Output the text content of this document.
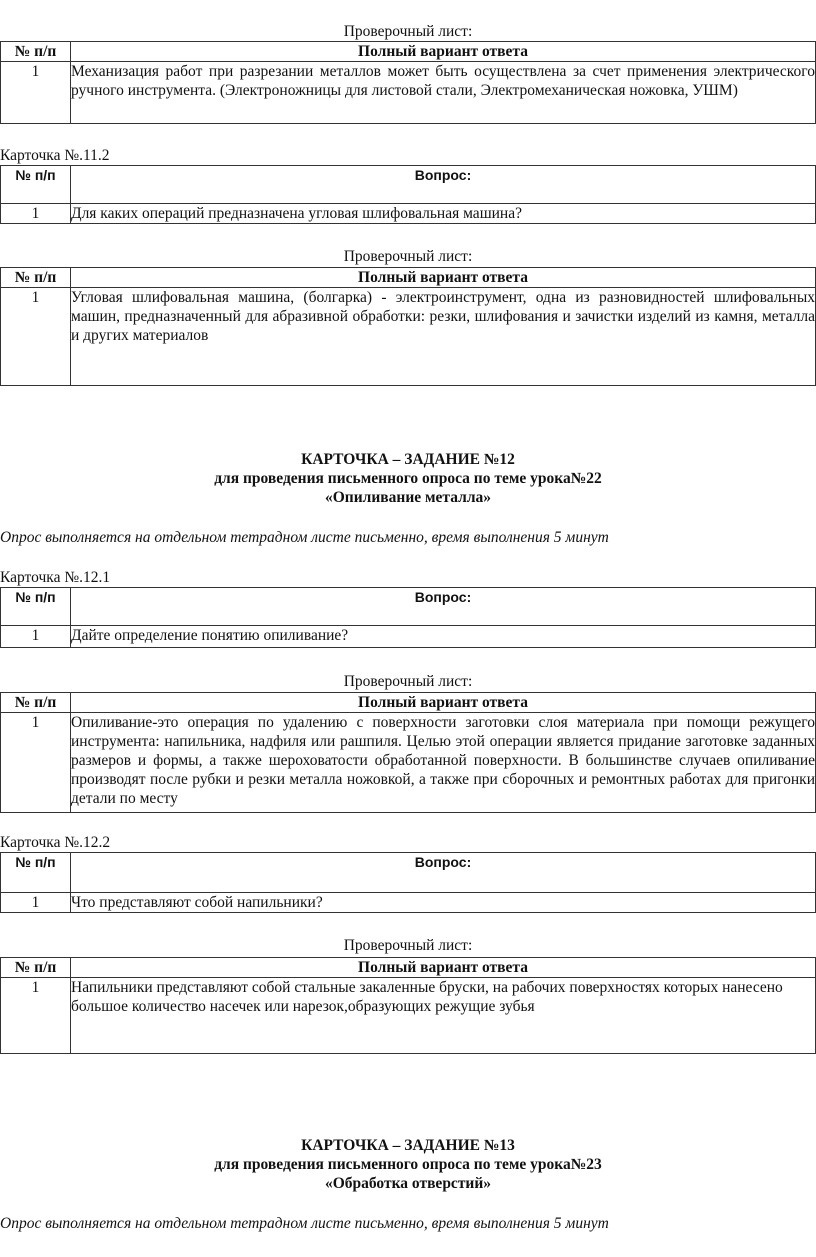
Проверочный лист:
№ п/п	Полный вариант ответа
1	Механизация работ при разрезании металлов может быть осуществлена за счет применения электрического ручного инструмента. (Электроножницы для листовой стали, Электромеханическая ножовка, УШМ)
Карточка №.11.2
№ п/п	Вопрос:
1	Для каких операций предназначена угловая шлифовальная машина?
Проверочный лист:
№ п/п	Полный вариант ответа
1	Угловая шлифовальная машина, (болгарка) - электроинструмент, одна из разновидностей шлифовальных машин, предназначенный для абразивной обработки: резки, шлифования и зачистки изделий из камня, металла и других материалов
КАРТОЧКА – ЗАДАНИЕ №12
для проведения письменного опроса по теме урока№22
«Опиливание металла»
Опрос выполняется на отдельном тетрадном листе письменно, время выполнения 5 минут
Карточка №.12.1
№ п/п	Вопрос:
1	Дайте определение понятию опиливание?
Проверочный лист:
№ п/п	Полный вариант ответа
1	Опиливание-это операция по удалению с поверхности заготовки слоя материала при помощи режущего инструмента: напильника, надфиля или рашпиля. Целью этой операции является придание заготовке заданных размеров и формы, а также шероховатости обработанной поверхности. В большинстве случаев опиливание производят после рубки и резки металла ножовкой, а также при сборочных и ремонтных работах для пригонки детали по месту
Карточка №.12.2
№ п/п	Вопрос:
1	Что представляют собой напильники?
Проверочный лист:
№ п/п	Полный вариант ответа
1	Напильники представляют собой стальные закаленные бруски, на рабочих поверхностях которых нанесено большое количество насечек или нарезок,образующих режущие зубья
КАРТОЧКА – ЗАДАНИЕ №13
для проведения письменного опроса по теме урока№23
«Обработка отверстий»
Опрос выполняется на отдельном тетрадном листе письменно, время выполнения 5 минут
